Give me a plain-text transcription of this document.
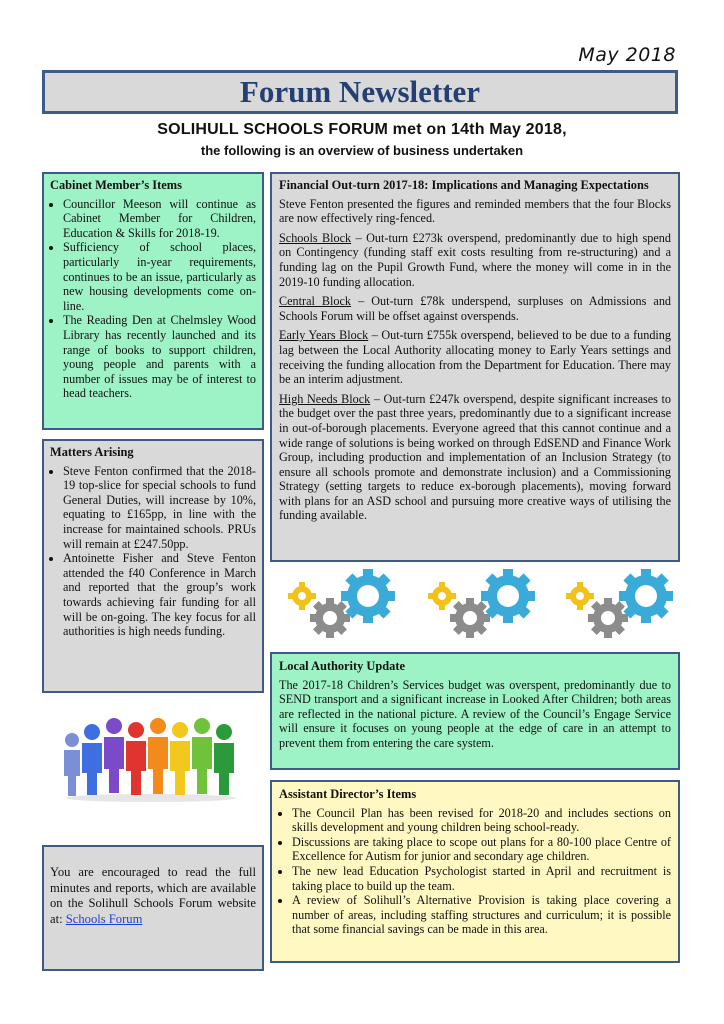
May 2018
Forum Newsletter
SOLIHULL SCHOOLS FORUM met on 14th May 2018,
the following is an overview of business undertaken
Cabinet Member’s Items
• Councillor Meeson will continue as Cabinet Member for Children, Education & Skills for 2018-19.
• Sufficiency of school places, particularly in-year requirements, continues to be an issue, particularly as new housing developments come on-line.
• The Reading Den at Chelmsley Wood Library has recently launched and its range of books to support children, young people and parents with a number of issues may be of interest to head teachers.
Matters Arising
• Steve Fenton confirmed that the 2018-19 top-slice for special schools to fund General Duties, will increase by 10%, equating to £165pp, in line with the increase for maintained schools. PRUs will remain at £247.50pp.
• Antoinette Fisher and Steve Fenton attended the f40 Conference in March and reported that the group’s work towards achieving fair funding for all will be on-going. The key focus for all authorities is high needs funding.
You are encouraged to read the full minutes and reports, which are available on the Solihull Schools Forum website at: Schools Forum
Financial Out-turn 2017-18: Implications and Managing Expectations

Steve Fenton presented the figures and reminded members that the four Blocks are now effectively ring-fenced.

Schools Block – Out-turn £273k overspend, predominantly due to high spend on Contingency (funding staff exit costs resulting from re-structuring) and a funding lag on the Pupil Growth Fund, where the money will come in in the 2019-10 funding allocation.

Central Block – Out-turn £78k underspend, surpluses on Admissions and Schools Forum will be offset against overspends.

Early Years Block – Out-turn £755k overspend, believed to be due to a funding lag between the Local Authority allocating money to Early Years settings and receiving the funding allocation from the Department for Education. There may be an interim adjustment.

High Needs Block – Out-turn £247k overspend, despite significant increases to the budget over the past three years, predominantly due to a significant increase in out-of-borough placements. Everyone agreed that this cannot continue and a wide range of solutions is being worked on through EdSEND and Finance Work Group, including production and implementation of an Inclusion Strategy (to ensure all schools promote and demonstrate inclusion) and a Commissioning Strategy (setting targets to reduce ex-borough placements), moving forward with plans for an ASD school and pursuing more creative ways of utilising the funding available.

Local Authority Update

The 2017-18 Children’s Services budget was overspent, predominantly due to SEND transport and a significant increase in Looked After Children; both areas are reflected in the national picture. A review of the Council’s Engage Service will ensure it focuses on young people at the edge of care in an attempt to prevent them from entering the care system.

Assistant Director’s Items
• The Council Plan has been revised for 2018-20 and includes sections on skills development and young children being school-ready.
• Discussions are taking place to scope out plans for a 80-100 place Centre of Excellence for Autism for junior and secondary age children.
• The new lead Education Psychologist started in April and recruitment is taking place to build up the team.
• A review of Solihull’s Alternative Provision is taking place covering a number of areas, including staffing structures and curriculum; it is possible that some financial savings can be made in this area.
